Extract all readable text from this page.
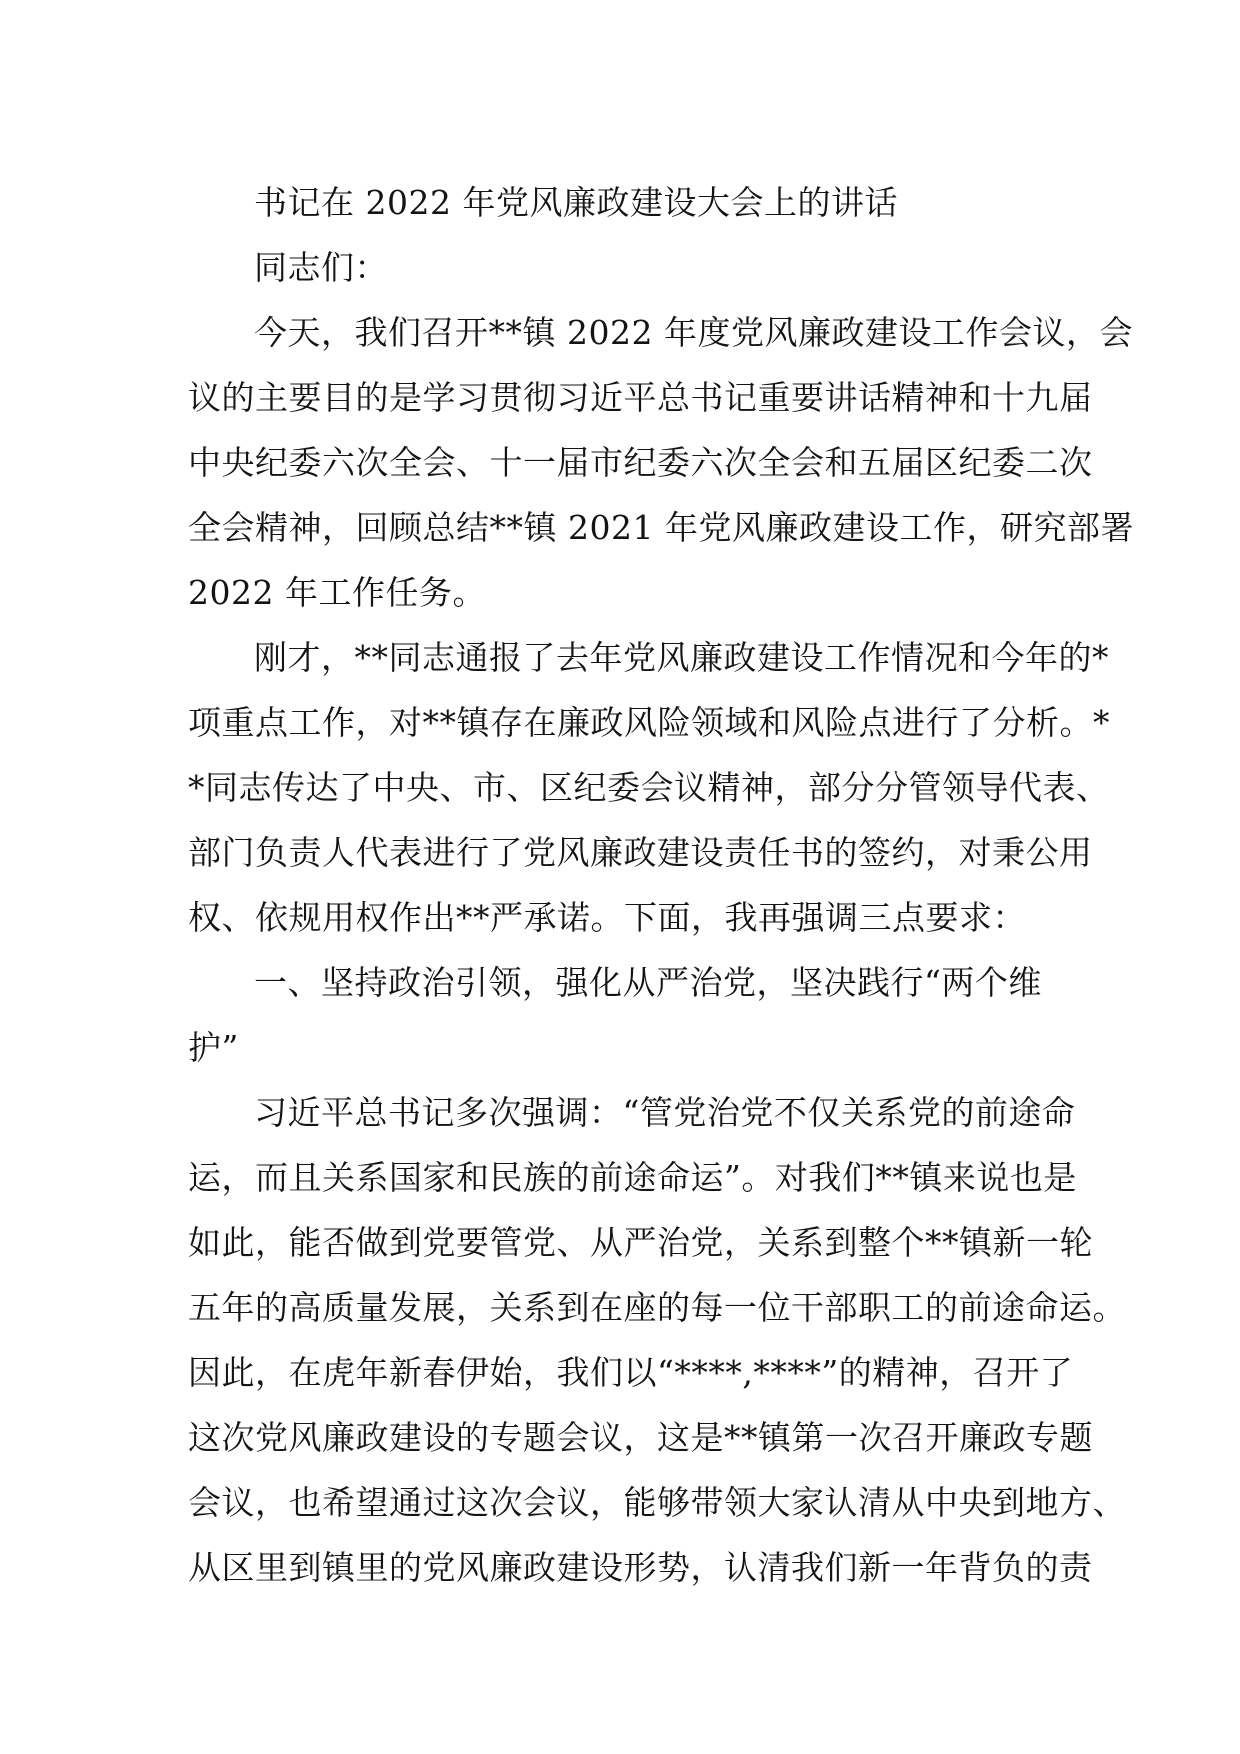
书记在 2022 年党风廉政建设大会上的讲话
同志们：
今天，我们召开**镇 2022 年度党风廉政建设工作会议，会
议的主要目的是学习贯彻习近平总书记重要讲话精神和十九届
中央纪委六次全会、十一届市纪委六次全会和五届区纪委二次
全会精神，回顾总结**镇 2021 年党风廉政建设工作，研究部署
2022 年工作任务。
刚才，**同志通报了去年党风廉政建设工作情况和今年的*
项重点工作，对**镇存在廉政风险领域和风险点进行了分析。*
*同志传达了中央、市、区纪委会议精神，部分分管领导代表、
部门负责人代表进行了党风廉政建设责任书的签约，对秉公用
权、依规用权作出**严承诺。下面，我再强调三点要求：
一、坚持政治引领，强化从严治党，坚决践行“两个维
护”
习近平总书记多次强调：“管党治党不仅关系党的前途命
运，而且关系国家和民族的前途命运”。对我们**镇来说也是
如此，能否做到党要管党、从严治党，关系到整个**镇新一轮
五年的高质量发展，关系到在座的每一位干部职工的前途命运。
因此，在虎年新春伊始，我们以“****,****”的精神，召开了
这次党风廉政建设的专题会议，这是**镇第一次召开廉政专题
会议，也希望通过这次会议，能够带领大家认清从中央到地方、
从区里到镇里的党风廉政建设形势，认清我们新一年背负的责
